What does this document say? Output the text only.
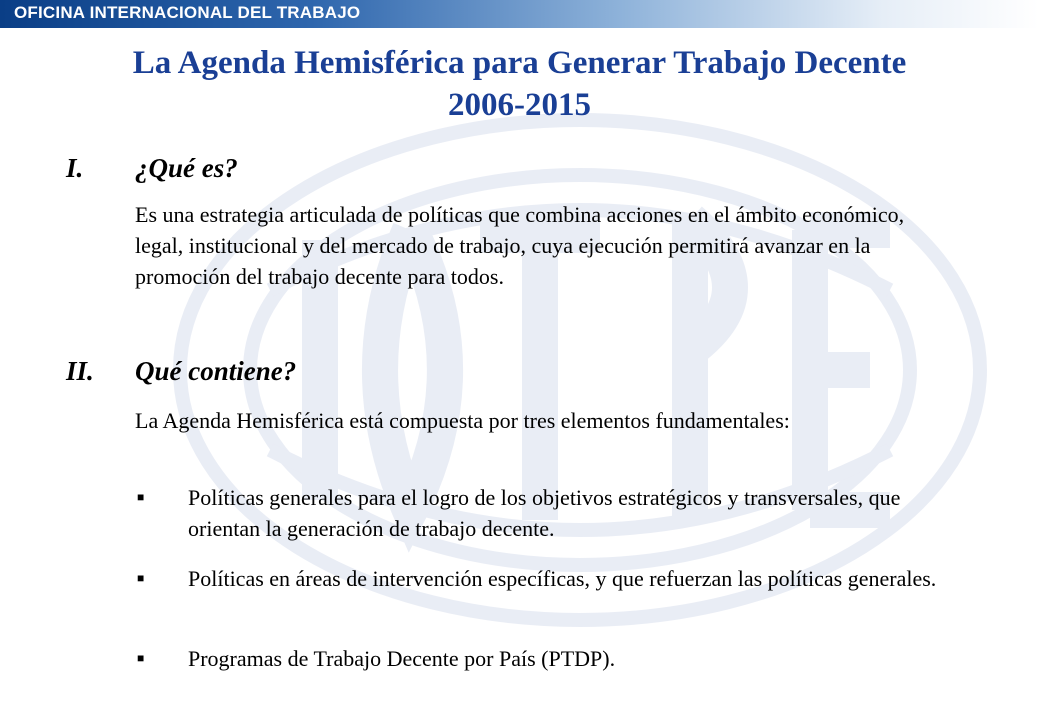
OFICINA INTERNACIONAL DEL TRABAJO
La Agenda Hemisférica para Generar Trabajo Decente
2006-2015
I. ¿Qué es?
Es una estrategia articulada de políticas que combina acciones en el ámbito económico, legal, institucional y del mercado de trabajo, cuya ejecución permitirá avanzar en la promoción del trabajo decente para todos.
II. Qué contiene?
La Agenda Hemisférica está compuesta por tres elementos fundamentales:
■ Políticas generales para el logro de los objetivos estratégicos y transversales, que orientan la generación de trabajo decente.
■ Políticas en áreas de intervención específicas, y que refuerzan las políticas generales.
■ Programas de Trabajo Decente por País (PTDP).
